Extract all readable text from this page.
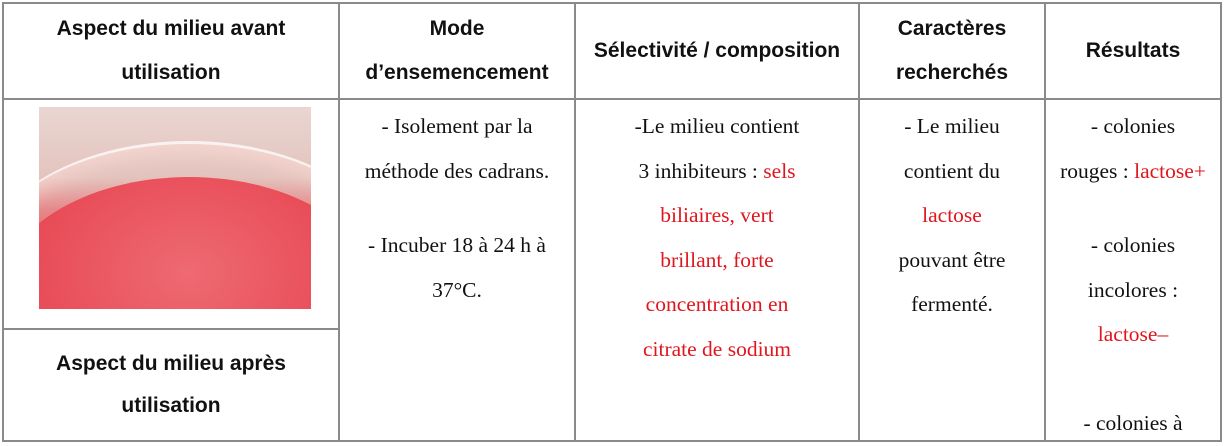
Aspect du milieu avant
utilisation
Mode
d’ensemencement
Sélectivité / composition
Caractères
recherchés
Résultats
Aspect du milieu après
utilisation

- Isolement par la

méthode des cadrans.

- Incuber 18 à 24 h à

37°C.

-Le milieu contient

3 inhibiteurs : sels

biliaires, vert

brillant, forte

concentration en

citrate de sodium

- Le milieu

contient du

lactose

pouvant être

fermenté.

- colonies

rouges : lactose+

- colonies

incolores :

lactose–

- colonies à
